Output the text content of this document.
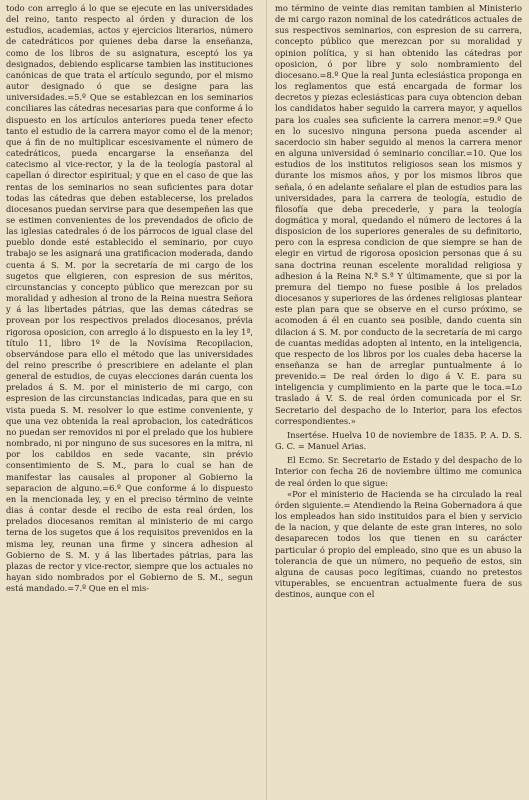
todo con arreglo á lo que se ejecute en las universidades del reino, tanto respecto al órden y duracion de los estudios, academias, actos y ejercicios literarios, número de catedráticos por quienes deba darse la enseñanza, como de los libros de su asignatura, esceptó los ya designados, debiendo esplicarse tambien las instituciones canónicas de que trata el artículo segundo, por el mismo autor designado ó que se designe para las universidades.=5.º Que se establezcan en los seminarios conciliares las cátedras necesarias para que conforme á lo dispuesto en los artículos anteriores pueda tener efecto tanto el estudio de la carrera mayor como el de la menor; que á fin de no multiplicar escesivamente el número de catedráticos, pueda encargarse la enseñanza del catecismo al vice-rector, y la de la teología pastoral al capellan ó director espiritual; y que en el caso de que las rentas de los seminarios no sean suficientes para dotar todas las cátedras que deben establecerse, los prelados diocesanos puedan servirse para que desempeñen las que se estimen convenientes de los prevendados de oficio de las iglesias catedrales ó de los párrocos de igual clase del pueblo donde esté establecido el seminario, por cuyo trabajo se les asignará una gratificacion moderada, dando cuenta á S. M. por la secretaría de mi cargo de los sugetos que eligieren, con espresion de sus méritos, circunstancias y concepto público que merezcan por su moralidad y adhesion al trono de la Reina nuestra Señora y á las libertades pátrias, que las demas cátedras se provean por los respectivos prelados diocesanos, prévia rigorosa oposicion, con arreglo á lo dispuesto en la ley 1ª, título 11, libro 1º de la Novísima Recopilacion, observándose para ello el método que las universidades del reino prescribe ó prescribiere en adelante el plan general de estudios, de cuyas elecciones darán cuenta los prelados á S. M. por el ministerio de mi cargo, con espresion de las circunstancias indicadas, para que en su vista pueda S. M. resolver lo que estime conveniente, y que una vez obtenida la real aprobacion, los catedráticos no puedan ser removidos ni por el prelado que los hubiere nombrado, ni por ninguno de sus sucesores en la mitra, ni por los cabildos en sede vacante, sin prévio consentimiento de S. M., para lo cual se han de manifestar las causales al proponer al Gobierno la separacion de alguno.=6.º Que conforme á lo dispuesto en la mencionada ley, y en el preciso término de veinte dias á contar desde el recibo de esta real órden, los prelados diocesanos remitan al ministerio de mi cargo terna de los sugetos que á los requisitos prevenidos en la misma ley, reunan una firme y sincera adhesion al Gobierno de S. M. y á las libertades pátrias, para las plazas de rector y vice-rector, siempre que los actuales no hayan sido nombrados por el Gobierno de S. M., segun está mandado.=7.º Que en el mis-

mo término de veinte dias remitan tambien al Ministerio de mi cargo razon nominal de los catedráticos actuales de sus respectivos seminarios, con espresion de su carrera, concepto público que merezcan por su moralidad y opinion política, y si han obtenido las cátedras por oposicion, ó por libre y solo nombramiento del diocesano.=8.º Que la real Junta eclesiástica proponga en los reglamentos que está encargada de formar los decretos y piezas eclesiásticas para cuya obtencion deban los candidatos haber seguido la carrera mayor, y aquellos para los cuales sea suficiente la carrera menor.=9.º Que en lo sucesivo ninguna persona pueda ascender al sacerdocio sin haber seguido al menos la carrera menor en alguna universidad ó seminario conciliar.=10. Que los estudios de los institutos religiosos sean los mismos y durante los mismos años, y por los mismos libros que señala, ó en adelante señalare el plan de estudios para las universidades, para la carrera de teología, estudio de filosofía que deba precederle, y para la teología dogmática y moral, quedando el número de lectores á la disposicion de los superiores generales de su definitorio, pero con la espresa condicion de que siempre se han de elegir en virtud de rigorosa oposicion personas que á su sana doctrina reunan escelente moralidad religiosa y adhesion á la Reina N.ª S.ª Y últimamente, que si por la premura del tiempo no fuese posible á los prelados diocesanos y superiores de las órdenes religiosas plantear este plan para que se observe en el curso próximo, se acomoden á él en cuanto sea posible, dando cuenta sin dilacion á S. M. por conducto de la secretaría de mi cargo de cuantas medidas adopten al intento, en la inteligencia, que respecto de los libros por los cuales deba hacerse la enseñanza se han de arreglar puntualmente á lo prevenido.= De real órden lo digo á V. E. para su inteligencia y cumplimiento en la parte que le toca.=Lo traslado á V. S. de real órden comunicada por el Sr. Secretario del despacho de lo Interior, para los efectos correspondientes.»

Insertése. Huelva 10 de noviembre de 1835. P. A. D. S. G. C. = Manuel Arias.

El Ecmo. Sr. Secretario de Estado y del despacho de lo Interior con fecha 26 de noviembre último me comunica de real órden lo que sigue:

«Por el ministerio de Hacienda se ha circulado la real órden siguiente.= Atendiendo la Reina Gobernadora á que los empleados han sido instituidos para el bien y servicio de la nacion, y que delante de este gran interes, no solo desaparecen todos los que tienen en su carácter particular ó propio del empleado, sino que es un abuso la tolerancia de que un número, no pequeño de estos, sin alguna de causas poco legítimas, cuando no pretestos vituperables, se encuentran actualmente fuera de sus destinos, aunque con el
